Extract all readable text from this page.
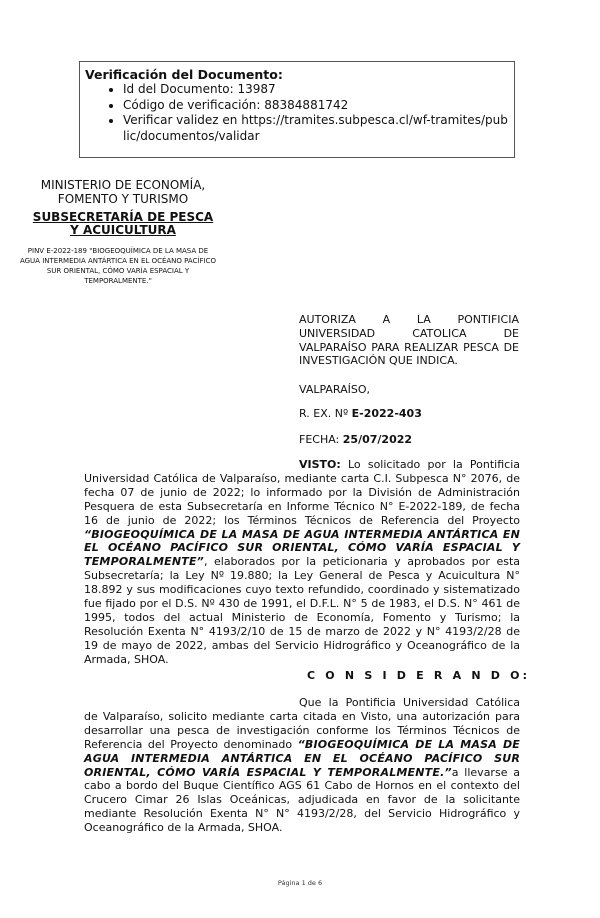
Verificación del Documento:
• Id del Documento: 13987
• Código de verificación: 88384881742
• Verificar validez en https://tramites.subpesca.cl/wf-tramites/public/documentos/validar
MINISTERIO DE ECONOMÍA,
FOMENTO Y TURISMO
SUBSECRETARÍA DE PESCA
Y ACUICULTURA
PINV E-2022-189 "BIOGEOQUÍMICA DE LA MASA DE AGUA INTERMEDIA ANTÁRTICA EN EL OCÉANO PACÍFICO SUR ORIENTAL, CÓMO VARÍA ESPACIAL Y TEMPORALMENTE."
AUTORIZA A LA PONTIFICIA UNIVERSIDAD CATOLICA DE VALPARAÍSO PARA REALIZAR PESCA DE INVESTIGACIÓN QUE INDICA.
VALPARAÍSO,
R. EX. Nº E-2022-403
FECHA: 25/07/2022
VISTO: Lo solicitado por la Pontificia Universidad Católica de Valparaíso, mediante carta C.I. Subpesca N° 2076, de fecha 07 de junio de 2022; lo informado por la División de Administración Pesquera de esta Subsecretaría en Informe Técnico N° E-2022-189, de fecha 16 de junio de 2022; los Términos Técnicos de Referencia del Proyecto “BIOGEOQUÍMICA DE LA MASA DE AGUA INTERMEDIA ANTÁRTICA EN EL OCÉANO PACÍFICO SUR ORIENTAL, CÓMO VARÍA ESPACIAL Y TEMPORALMENTE”, elaborados por la peticionaria y aprobados por esta Subsecretaría; la Ley Nº 19.880; la Ley General de Pesca y Acuicultura N° 18.892 y sus modificaciones cuyo texto refundido, coordinado y sistematizado fue fijado por el D.S. Nº 430 de 1991, el D.F.L. N° 5 de 1983, el D.S. N° 461 de 1995, todos del actual Ministerio de Economía, Fomento y Turismo; la Resolución Exenta N° 4193/2/10 de 15 de marzo de 2022 y N° 4193/2/28 de 19 de mayo de 2022, ambas del Servicio Hidrográfico y Oceanográfico de la Armada, SHOA.
C O N S I D E R A N D O:
Que la Pontificia Universidad Católica de Valparaíso, solicito mediante carta citada en Visto, una autorización para desarrollar una pesca de investigación conforme los Términos Técnicos de Referencia del Proyecto denominado “BIOGEOQUÍMICA DE LA MASA DE AGUA INTERMEDIA ANTÁRTICA EN EL OCÉANO PACÍFICO SUR ORIENTAL, CÓMO VARÍA ESPACIAL Y TEMPORALMENTE.”a llevarse a cabo a bordo del Buque Científico AGS 61 Cabo de Hornos en el contexto del Crucero Cimar 26 Islas Oceánicas, adjudicada en favor de la solicitante mediante Resolución Exenta N° N° 4193/2/28, del Servicio Hidrográfico y Oceanográfico de la Armada, SHOA.
Página 1 de 6
